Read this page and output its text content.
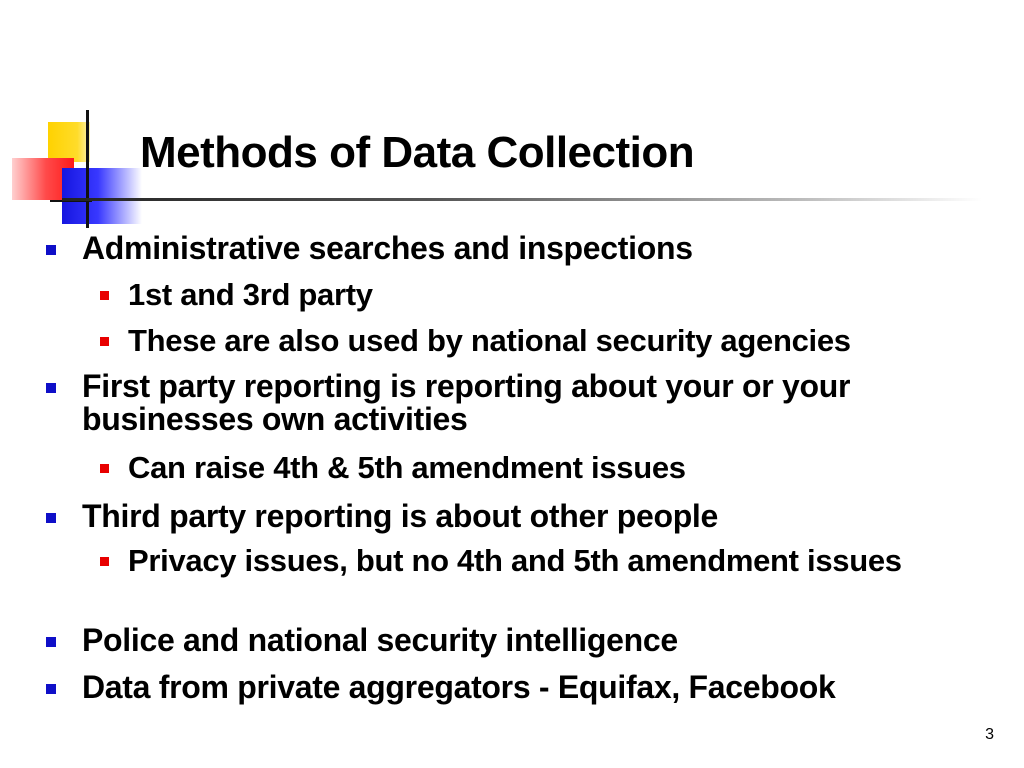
Methods of Data Collection
Administrative searches and inspections
1st and 3rd party
These are also used by national security agencies
First party reporting is reporting about your or your businesses own activities
Can raise 4th & 5th amendment issues
Third party reporting is about other people
Privacy issues, but no 4th and 5th amendment issues
Police and national security intelligence
Data from private aggregators - Equifax, Facebook
3
